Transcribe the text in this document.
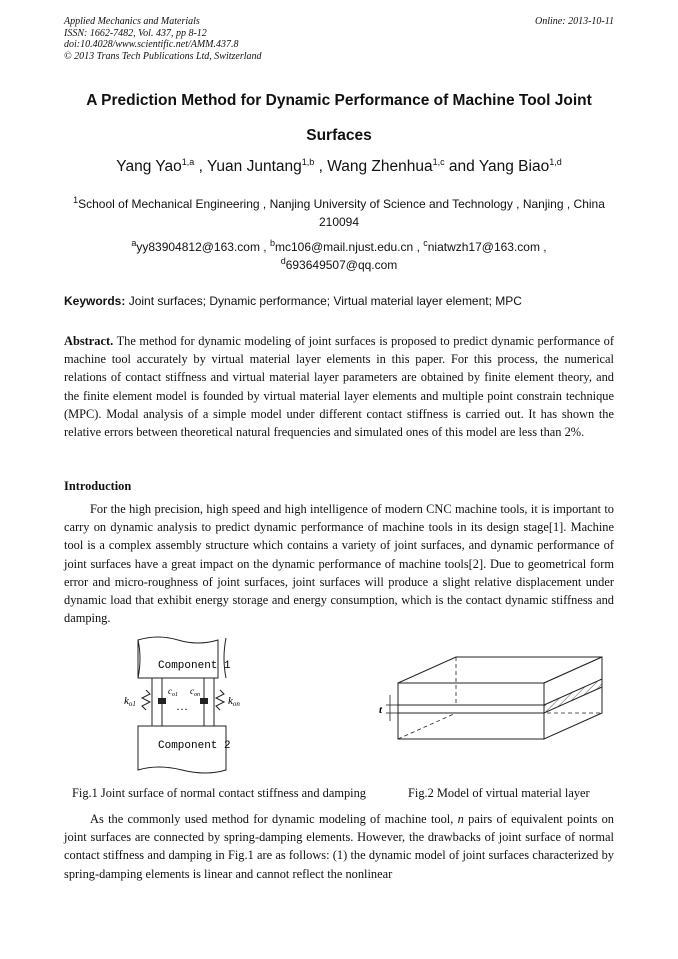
Applied Mechanics and Materials
ISSN: 1662-7482, Vol. 437, pp 8-12
doi:10.4028/www.scientific.net/AMM.437.8
© 2013 Trans Tech Publications Ltd, Switzerland
Online: 2013-10-11
A Prediction Method for Dynamic Performance of Machine Tool Joint
Surfaces
Yang Yao$^{1,a}$ , Yuan Juntang$^{1,b}$ , Wang Zhenhua$^{1,c}$ and Yang Biao$^{1,d}$
$^1$School of Mechanical Engineering , Nanjing University of Science and Technology , Nanjing , China 210094
$^a$yy83904812@163.com , $^b$mc106@mail.njust.edu.cn , $^c$niatwzh17@163.com ,
$^d$693649507@qq.com
Keywords: Joint surfaces; Dynamic performance; Virtual material layer element; MPC
Abstract. The method for dynamic modeling of joint surfaces is proposed to predict dynamic performance of machine tool accurately by virtual material layer elements in this paper. For this process, the numerical relations of contact stiffness and virtual material layer parameters are obtained by finite element theory, and the finite element model is founded by virtual material layer elements and multiple point constrain technique (MPC). Modal analysis of a simple model under different contact stiffness is carried out. It has shown the relative errors between theoretical natural frequencies and simulated ones of this model are less than 2%.
Introduction
For the high precision, high speed and high intelligence of modern CNC machine tools, it is important to carry on dynamic analysis to predict dynamic performance of machine tools in its design stage[1]. Machine tool is a complex assembly structure which contains a variety of joint surfaces, and dynamic performance of joint surfaces have a great impact on the dynamic performance of machine tools[2]. Due to geometrical form error and micro-roughness of joint surfaces, joint surfaces will produce a slight relative displacement under dynamic load that exhibit energy storage and energy consumption, which is the contact dynamic stiffness and damping.
Component 1
Component 2
ko1	kon
$c_{o1}$ $c_{on}$
…	t
Fig.1 Joint surface of normal contact stiffness and damping	Fig.2 Model of virtual material layer
As the commonly used method for dynamic modeling of machine tool, n pairs of equivalent points on joint surfaces are connected by spring-damping elements. However, the drawbacks of joint surface of normal contact stiffness and damping in Fig.1 are as follows: (1) the dynamic model of joint surfaces characterized by spring-damping elements is linear and cannot reflect the nonlinear
